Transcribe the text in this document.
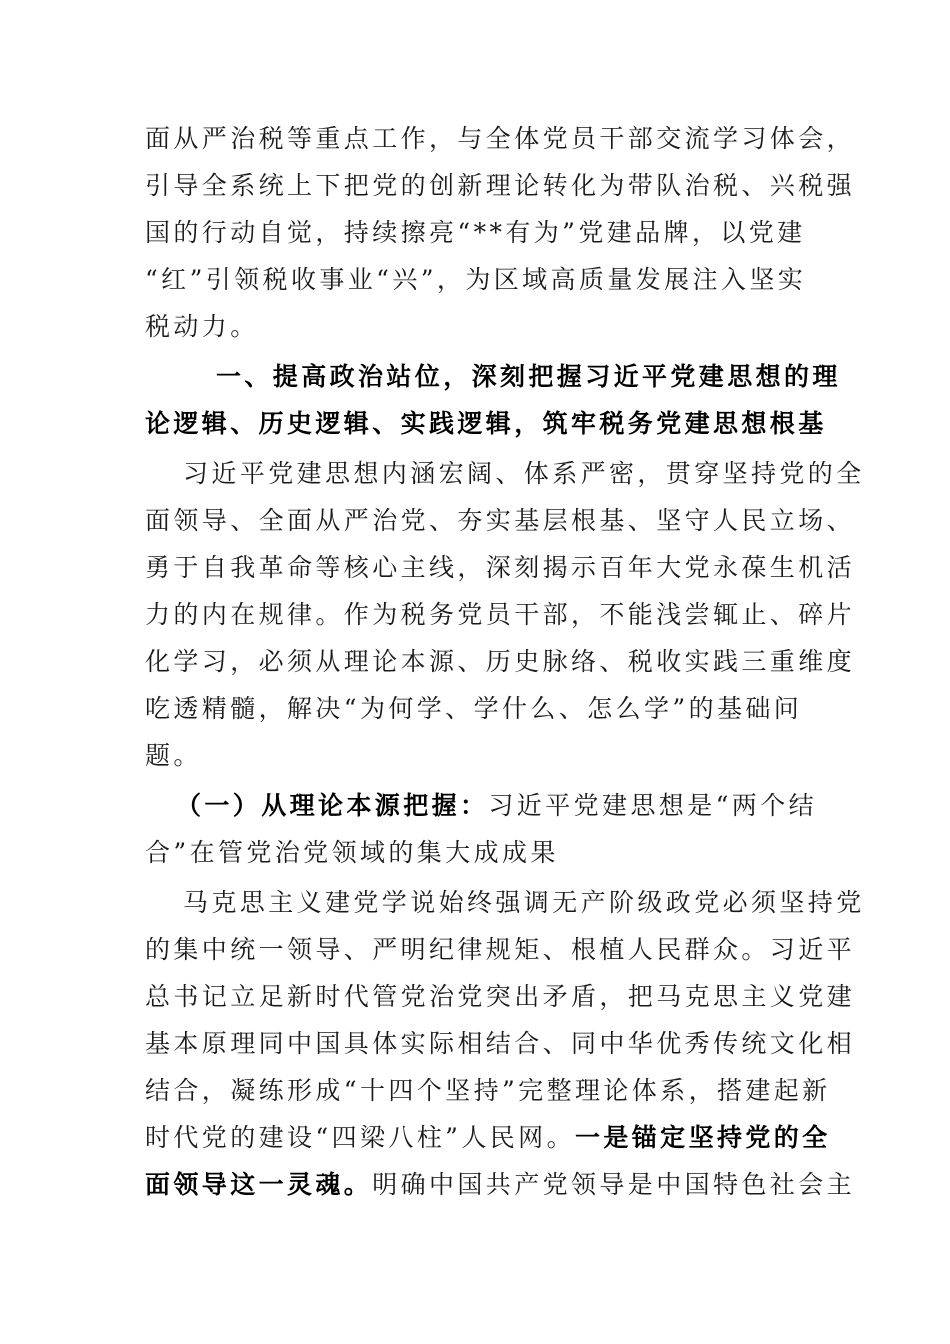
面从严治税等重点工作，与全体党员干部交流学习体会，
引导全系统上下把党的创新理论转化为带队治税、兴税强
国的行动自觉，持续擦亮“**有为”党建品牌，以党建
“红”引领税收事业“兴”，为区域高质量发展注入坚实
税动力。
一、提高政治站位，深刻把握习近平党建思想的理
论逻辑、历史逻辑、实践逻辑，筑牢税务党建思想根基
习近平党建思想内涵宏阔、体系严密，贯穿坚持党的全
面领导、全面从严治党、夯实基层根基、坚守人民立场、
勇于自我革命等核心主线，深刻揭示百年大党永葆生机活
力的内在规律。作为税务党员干部，不能浅尝辄止、碎片
化学习，必须从理论本源、历史脉络、税收实践三重维度
吃透精髓，解决“为何学、学什么、怎么学”的基础问
题。
（一）从理论本源把握：习近平党建思想是“两个结
合”在管党治党领域的集大成成果
马克思主义建党学说始终强调无产阶级政党必须坚持党
的集中统一领导、严明纪律规矩、根植人民群众。习近平
总书记立足新时代管党治党突出矛盾，把马克思主义党建
基本原理同中国具体实际相结合、同中华优秀传统文化相
结合，凝练形成“十四个坚持”完整理论体系，搭建起新
时代党的建设“四梁八柱”人民网。一是锚定坚持党的全
面领导这一灵魂。明确中国共产党领导是中国特色社会主
